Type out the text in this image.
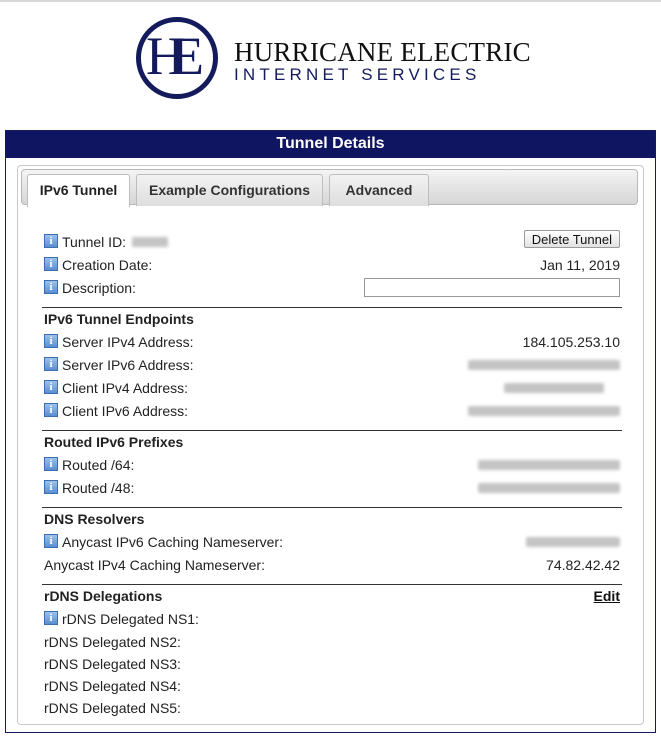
HE	HURRICANE ELECTRIC
INTERNET SERVICES
Tunnel Details
IPv6 Tunnel	Example Configurations	Advanced
i Tunnel ID:	Delete Tunnel
i Creation Date:	Jan 11, 2019
i Description:
IPv6 Tunnel Endpoints
i Server IPv4 Address:	184.105.253.10
i Server IPv6 Address:
i Client IPv4 Address:
i Client IPv6 Address:
Routed IPv6 Prefixes
i Routed /64:
i Routed /48:
DNS Resolvers
i Anycast IPv6 Caching Nameserver:
Anycast IPv4 Caching Nameserver:	74.82.42.42
rDNS Delegations	Edit
i rDNS Delegated NS1:
rDNS Delegated NS2:
rDNS Delegated NS3:
rDNS Delegated NS4:
rDNS Delegated NS5:
